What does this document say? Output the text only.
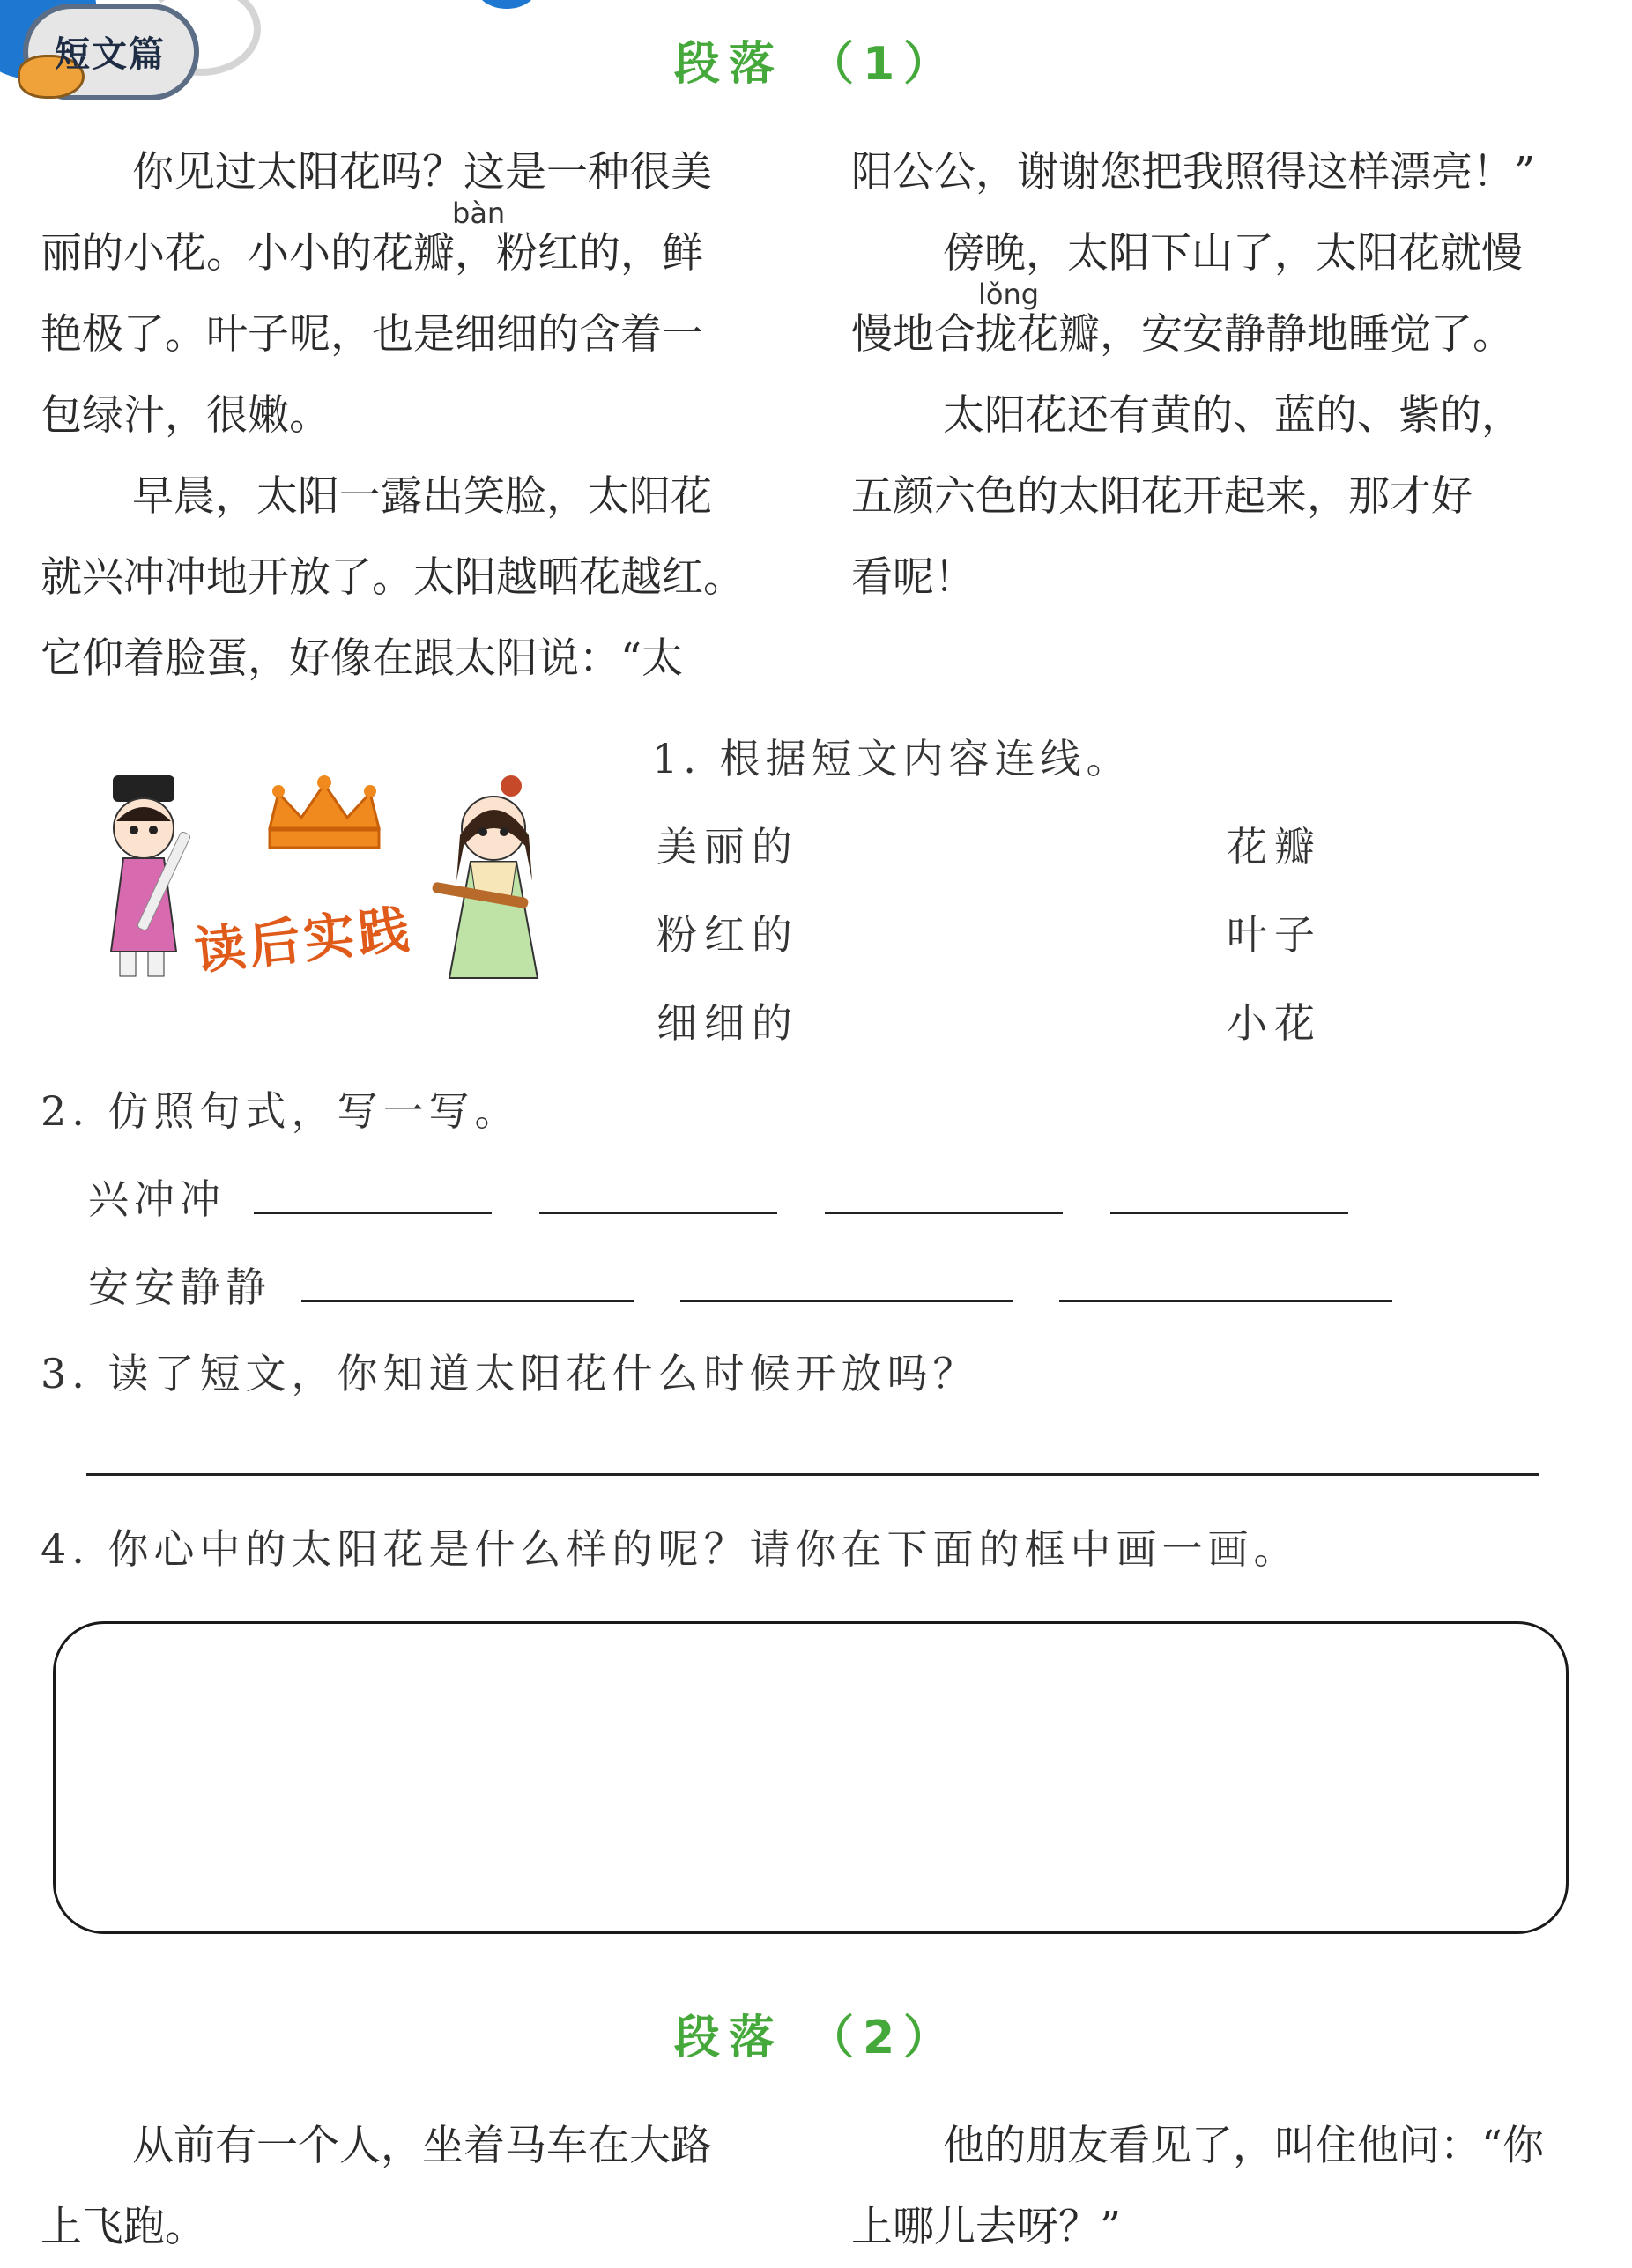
短文篇	段落 （1）

你见过太阳花吗？这是一种很美

丽的小花。小小的花瓣，粉红的，鲜

艳极了。叶子呢，也是细细的含着一

包绿汁，很嫩。

早晨，太阳一露出笑脸，太阳花

就兴冲冲地开放了。太阳越晒花越红。

它仰着脸蛋，好像在跟太阳说：“太

bàn

阳公公，谢谢您把我照得这样漂亮！”

傍晚，太阳下山了，太阳花就慢

慢地合拢花瓣，安安静静地睡觉了。

太阳花还有黄的、蓝的、紫的，

五颜六色的太阳花开起来，那才好

看呢！

lǒng
读后实践
1. 根据短文内容连线。
美丽的
粉红的
细细的
花瓣
叶子
小花
2. 仿照句式，写一写。
兴冲冲
安安静静
3. 读了短文，你知道太阳花什么时候开放吗？
4. 你心中的太阳花是什么样的呢？请你在下面的框中画一画。
段落 （2）

从前有一个人，坐着马车在大路

上飞跑。

他的朋友看见了，叫住他问：“你

上哪儿去呀？”
